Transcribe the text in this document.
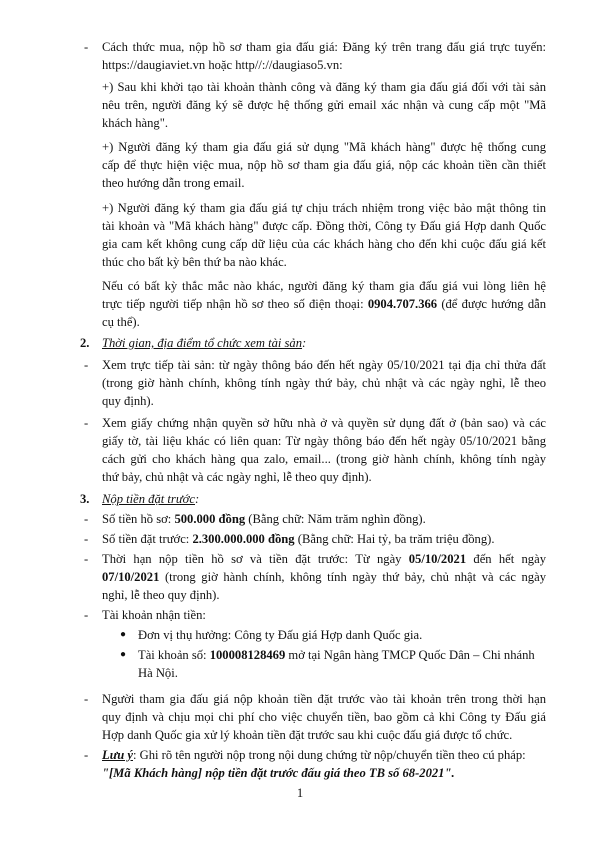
- Cách thức mua, nộp hồ sơ tham gia đấu giá: Đăng ký trên trang đấu giá trực tuyến:
https://daugiaviet.vn hoặc http//://daugiaso5.vn:
+) Sau khi khởi tạo tài khoản thành công và đăng ký tham gia đấu giá đối với tài sản
nêu trên, người đăng ký sẽ được hệ thống gửi email xác nhận và cung cấp một "Mã
khách hàng".
+) Người đăng ký tham gia đấu giá sử dụng "Mã khách hàng" được hệ thống cung
cấp để thực hiện việc mua, nộp hồ sơ tham gia đấu giá, nộp các khoản tiền cần thiết
theo hướng dẫn trong email.
+) Người đăng ký tham gia đấu giá tự chịu trách nhiệm trong việc bảo mật thông tin
tài khoản và "Mã khách hàng" được cấp. Đồng thời, Công ty Đấu giá Hợp danh Quốc
gia cam kết không cung cấp dữ liệu của các khách hàng cho đến khi cuộc đấu giá kết
thúc cho bất kỳ bên thứ ba nào khác.
Nếu có bất kỳ thắc mắc nào khác, người đăng ký tham gia đấu giá vui lòng liên hệ
trực tiếp người tiếp nhận hồ sơ theo số điện thoại: 0904.707.366 (để được hướng dẫn
cụ thể).
2. Thời gian, địa điểm tổ chức xem tài sản:
- Xem trực tiếp tài sản: từ ngày thông báo đến hết ngày 05/10/2021 tại địa chỉ thửa đất
(trong giờ hành chính, không tính ngày thứ bảy, chủ nhật và các ngày nghỉ, lễ theo
quy định).
- Xem giấy chứng nhận quyền sở hữu nhà ở và quyền sử dụng đất ở (bản sao) và các
giấy tờ, tài liệu khác có liên quan: Từ ngày thông báo đến hết ngày 05/10/2021 bằng
cách gửi cho khách hàng qua zalo, email... (trong giờ hành chính, không tính ngày
thứ bảy, chủ nhật và các ngày nghỉ, lễ theo quy định).
3. Nộp tiền đặt trước:
- Số tiền hồ sơ: 500.000 đồng (Bằng chữ: Năm trăm nghìn đồng).
- Số tiền đặt trước: 2.300.000.000 đồng (Bằng chữ: Hai tỷ, ba trăm triệu đồng).
- Thời hạn nộp tiền hồ sơ và tiền đặt trước: Từ ngày 05/10/2021 đến hết ngày
07/10/2021 (trong giờ hành chính, không tính ngày thứ bảy, chủ nhật và các ngày
nghỉ, lễ theo quy định).
- Tài khoản nhận tiền:
● Đơn vị thụ hưởng: Công ty Đấu giá Hợp danh Quốc gia.
● Tài khoản số: 100008128469 mở tại Ngân hàng TMCP Quốc Dân – Chi nhánh
Hà Nội.
- Người tham gia đấu giá nộp khoản tiền đặt trước vào tài khoản trên trong thời hạn
quy định và chịu mọi chi phí cho việc chuyển tiền, bao gồm cả khi Công ty Đấu giá
Hợp danh Quốc gia xử lý khoản tiền đặt trước sau khi cuộc đấu giá được tổ chức.
- Lưu ý: Ghi rõ tên người nộp trong nội dung chứng từ nộp/chuyển tiền theo cú pháp:
"[Mã Khách hàng] nộp tiền đặt trước đấu giá theo TB số 68-2021".
1
